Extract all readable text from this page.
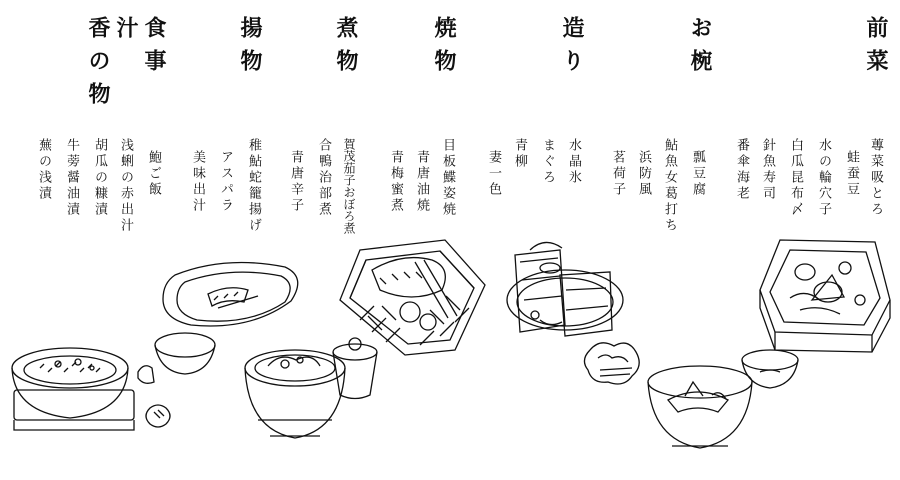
前菜
蓴菜吸とろ
蛙蚕豆
水の輪穴子
白瓜昆布〆
針魚寿司
番傘海老
お椀
瓢豆腐
鮎魚女葛打ち
造り
浜防風
茗荷子
水晶氷
まぐろ
青柳
妻一色
焼物
目板鰈姿焼
青唐油焼
青梅蜜煮
煮物
賀茂茄子おぼろ煮
合鴨治部煮
青唐辛子
揚物
稚鮎蛇籠揚げ
アスパラ
美味出汁
食事
鮑ご飯
浅蜊の赤出汁
汁
香の物
胡瓜の糠漬
牛蒡醤油漬
蕪の浅漬
